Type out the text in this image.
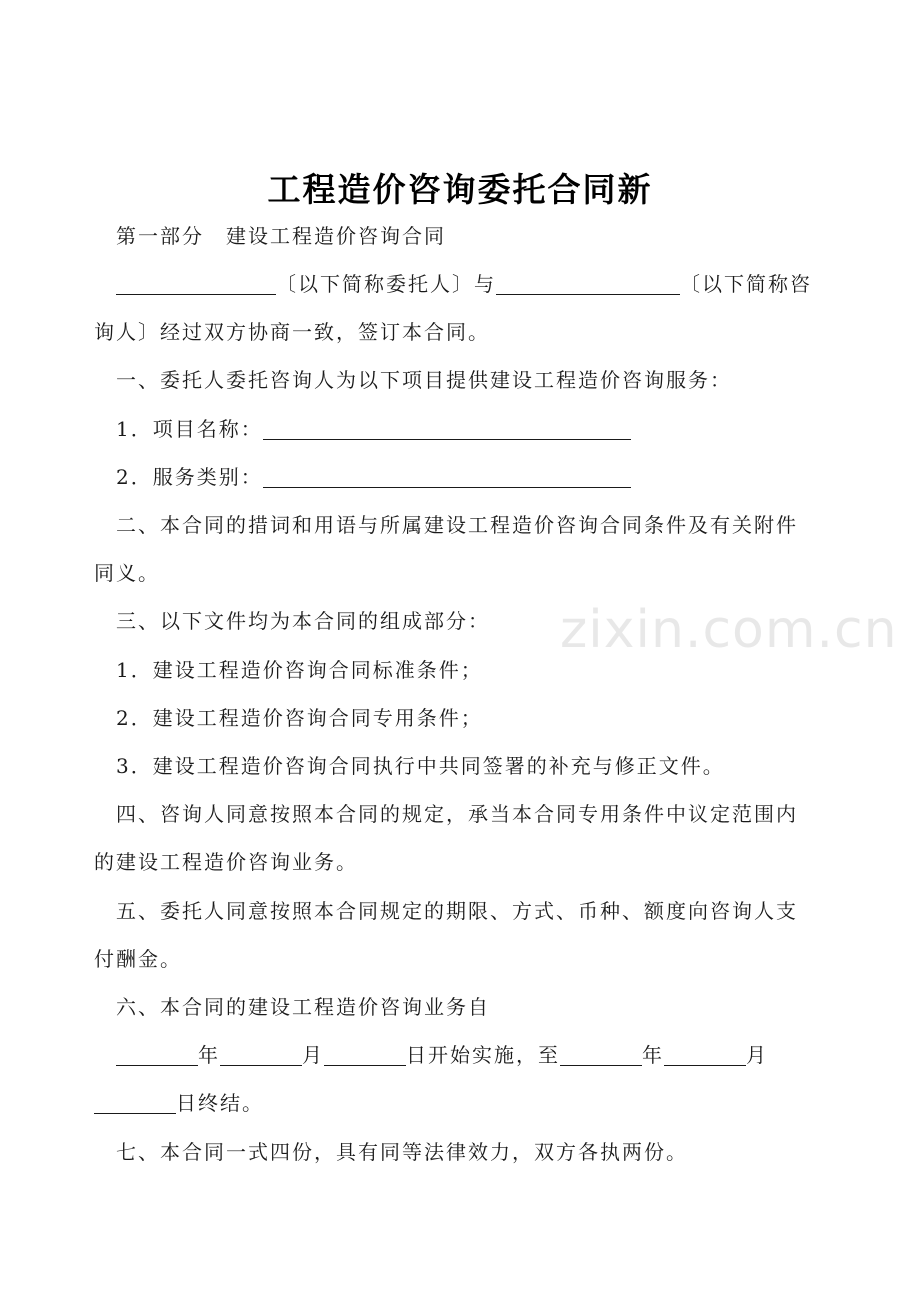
工程造价咨询委托合同新
第一部分　建设工程造价咨询合同
〔以下简称委托人〕与	〔以下简称咨
询人〕经过双方协商一致，签订本合同。
一、委托人委托咨询人为以下项目提供建设工程造价咨询服务：
1．项目名称：
2．服务类别：
二、本合同的措词和用语与所属建设工程造价咨询合同条件及有关附件
同义。
三、以下文件均为本合同的组成部分：
1．建设工程造价咨询合同标准条件；
2．建设工程造价咨询合同专用条件；
3．建设工程造价咨询合同执行中共同签署的补充与修正文件。
四、咨询人同意按照本合同的规定，承当本合同专用条件中议定范围内
的建设工程造价咨询业务。
五、委托人同意按照本合同规定的期限、方式、币种、额度向咨询人支
付酬金。
六、本合同的建设工程造价咨询业务自
年	月	日开始实施，至	年	月
日终结。
七、本合同一式四份，具有同等法律效力，双方各执两份。
zixin.com.cn
